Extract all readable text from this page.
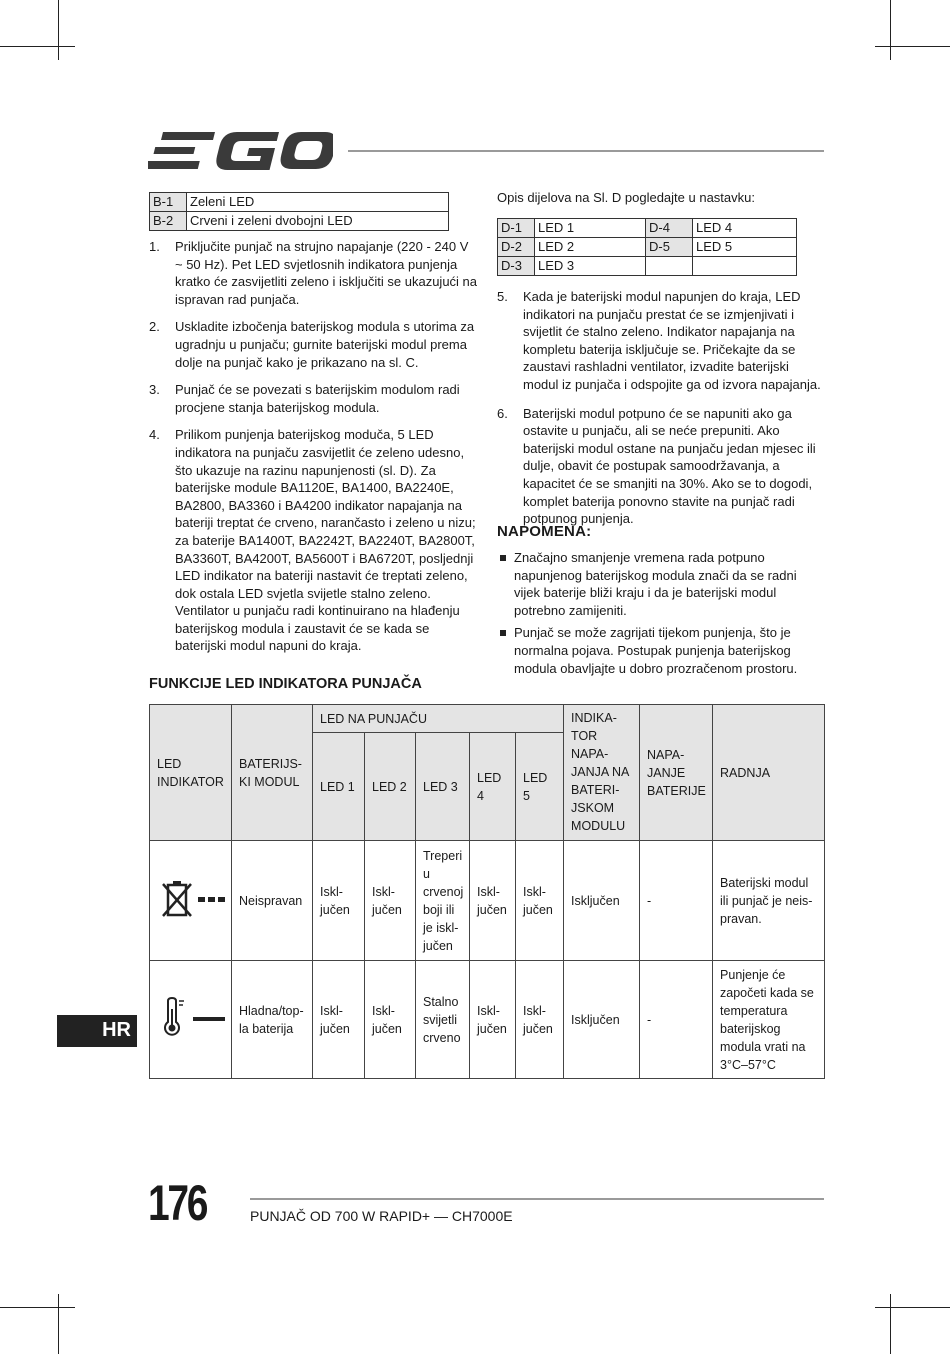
B-1	Zeleni LED
B-2	Crveni i zeleni dvobojni LED
1. Priključite punjač na strujno napajanje (220 - 240 V ~ 50 Hz). Pet LED svjetlosnih indikatora punjenja kratko će zasvijetliti zeleno i isključiti se ukazujući na ispravan rad punjača.
2. Uskladite izbočenja baterijskog modula s utorima za ugradnju u punjaču; gurnite baterijski modul prema dolje na punjač kako je prikazano na sl. C.
3. Punjač će se povezati s baterijskim modulom radi procjene stanja baterijskog modula.
4. Prilikom punjenja baterijskog moduča, 5 LED indikatora na punjaču zasvijetlit će zeleno udesno, što ukazuje na razinu napunjenosti (sl. D). Za baterijske module BA1120E, BA1400, BA2240E, BA2800, BA3360 i BA4200 indikator napajanja na bateriji treptat će crveno, narančasto i zeleno u nizu; za baterije BA1400T, BA2242T, BA2240T, BA2800T, BA3360T, BA4200T, BA5600T i BA6720T, posljednji LED indikator na bateriji nastavit će treptati zeleno, dok ostala LED svjetla svijetle stalno zeleno. Ventilator u punjaču radi kontinuirano na hlađenju baterijskog modula i zaustavit će se kada se baterijski modul napuni do kraja.
Opis dijelova na Sl. D pogledajte u nastavku:
D-1	LED 1	D-4	LED 4
D-2	LED 2	D-5	LED 5
D-3	LED 3		
5. Kada je baterijski modul napunjen do kraja, LED indikatori na punjaču prestat će se izmjenjivati i svijetlit će stalno zeleno. Indikator napajanja na kompletu baterija isključuje se. Pričekajte da se zaustavi rashladni ventilator, izvadite baterijski modul iz punjača i odspojite ga od izvora napajanja.
6. Baterijski modul potpuno će se napuniti ako ga ostavite u punjaču, ali se neće prepuniti. Ako baterijski modul ostane na punjaču jedan mjesec ili dulje, obavit će postupak samoodržavanja, a kapacitet će se smanjiti na 30%. Ako se to dogodi, komplet baterija ponovno stavite na punjač radi potpunog punjenja.
NAPOMENA:
Značajno smanjenje vremena rada potpuno napunjenog baterijskog modula znači da se radni vijek baterije bliži kraju i da je baterijski modul potrebno zamijeniti.
Punjač se može zagrijati tijekom punjenja, što je normalna pojava. Postupak punjenja baterijskog modula obavljajte u dobro prozračenom prostoru.
FUNKCIJE LED INDIKATORA PUNJAČA
LED INDIKATOR	BATERIJS-KI MODUL	LED NA PUNJAČU					INDIKA-TOR NAPA-JANJA NA BATERI-JSKOM MODULU	NAPA-JANJE BATERIJE	RADNJA
		LED 1	LED 2	LED 3	LED 4	LED 5			
	Neispravan	Iskl-jučen	Iskl-jučen	Treperi u crvenoj boji ili je iskl-jučen	Iskl-jučen	Iskl-jučen	Isključen	-	Baterijski modul ili punjač je neis-pravan.
	Hladna/top-la baterija	Iskl-jučen	Iskl-jučen	Stalno svijetli crveno	Iskl-jučen	Iskl-jučen	Isključen	-	Punjenje će započeti kada se temperatura baterijskog modula vrati na 3°C–57°C
HR
176	PUNJAČ OD 700 W RAPID+ — CH7000E
